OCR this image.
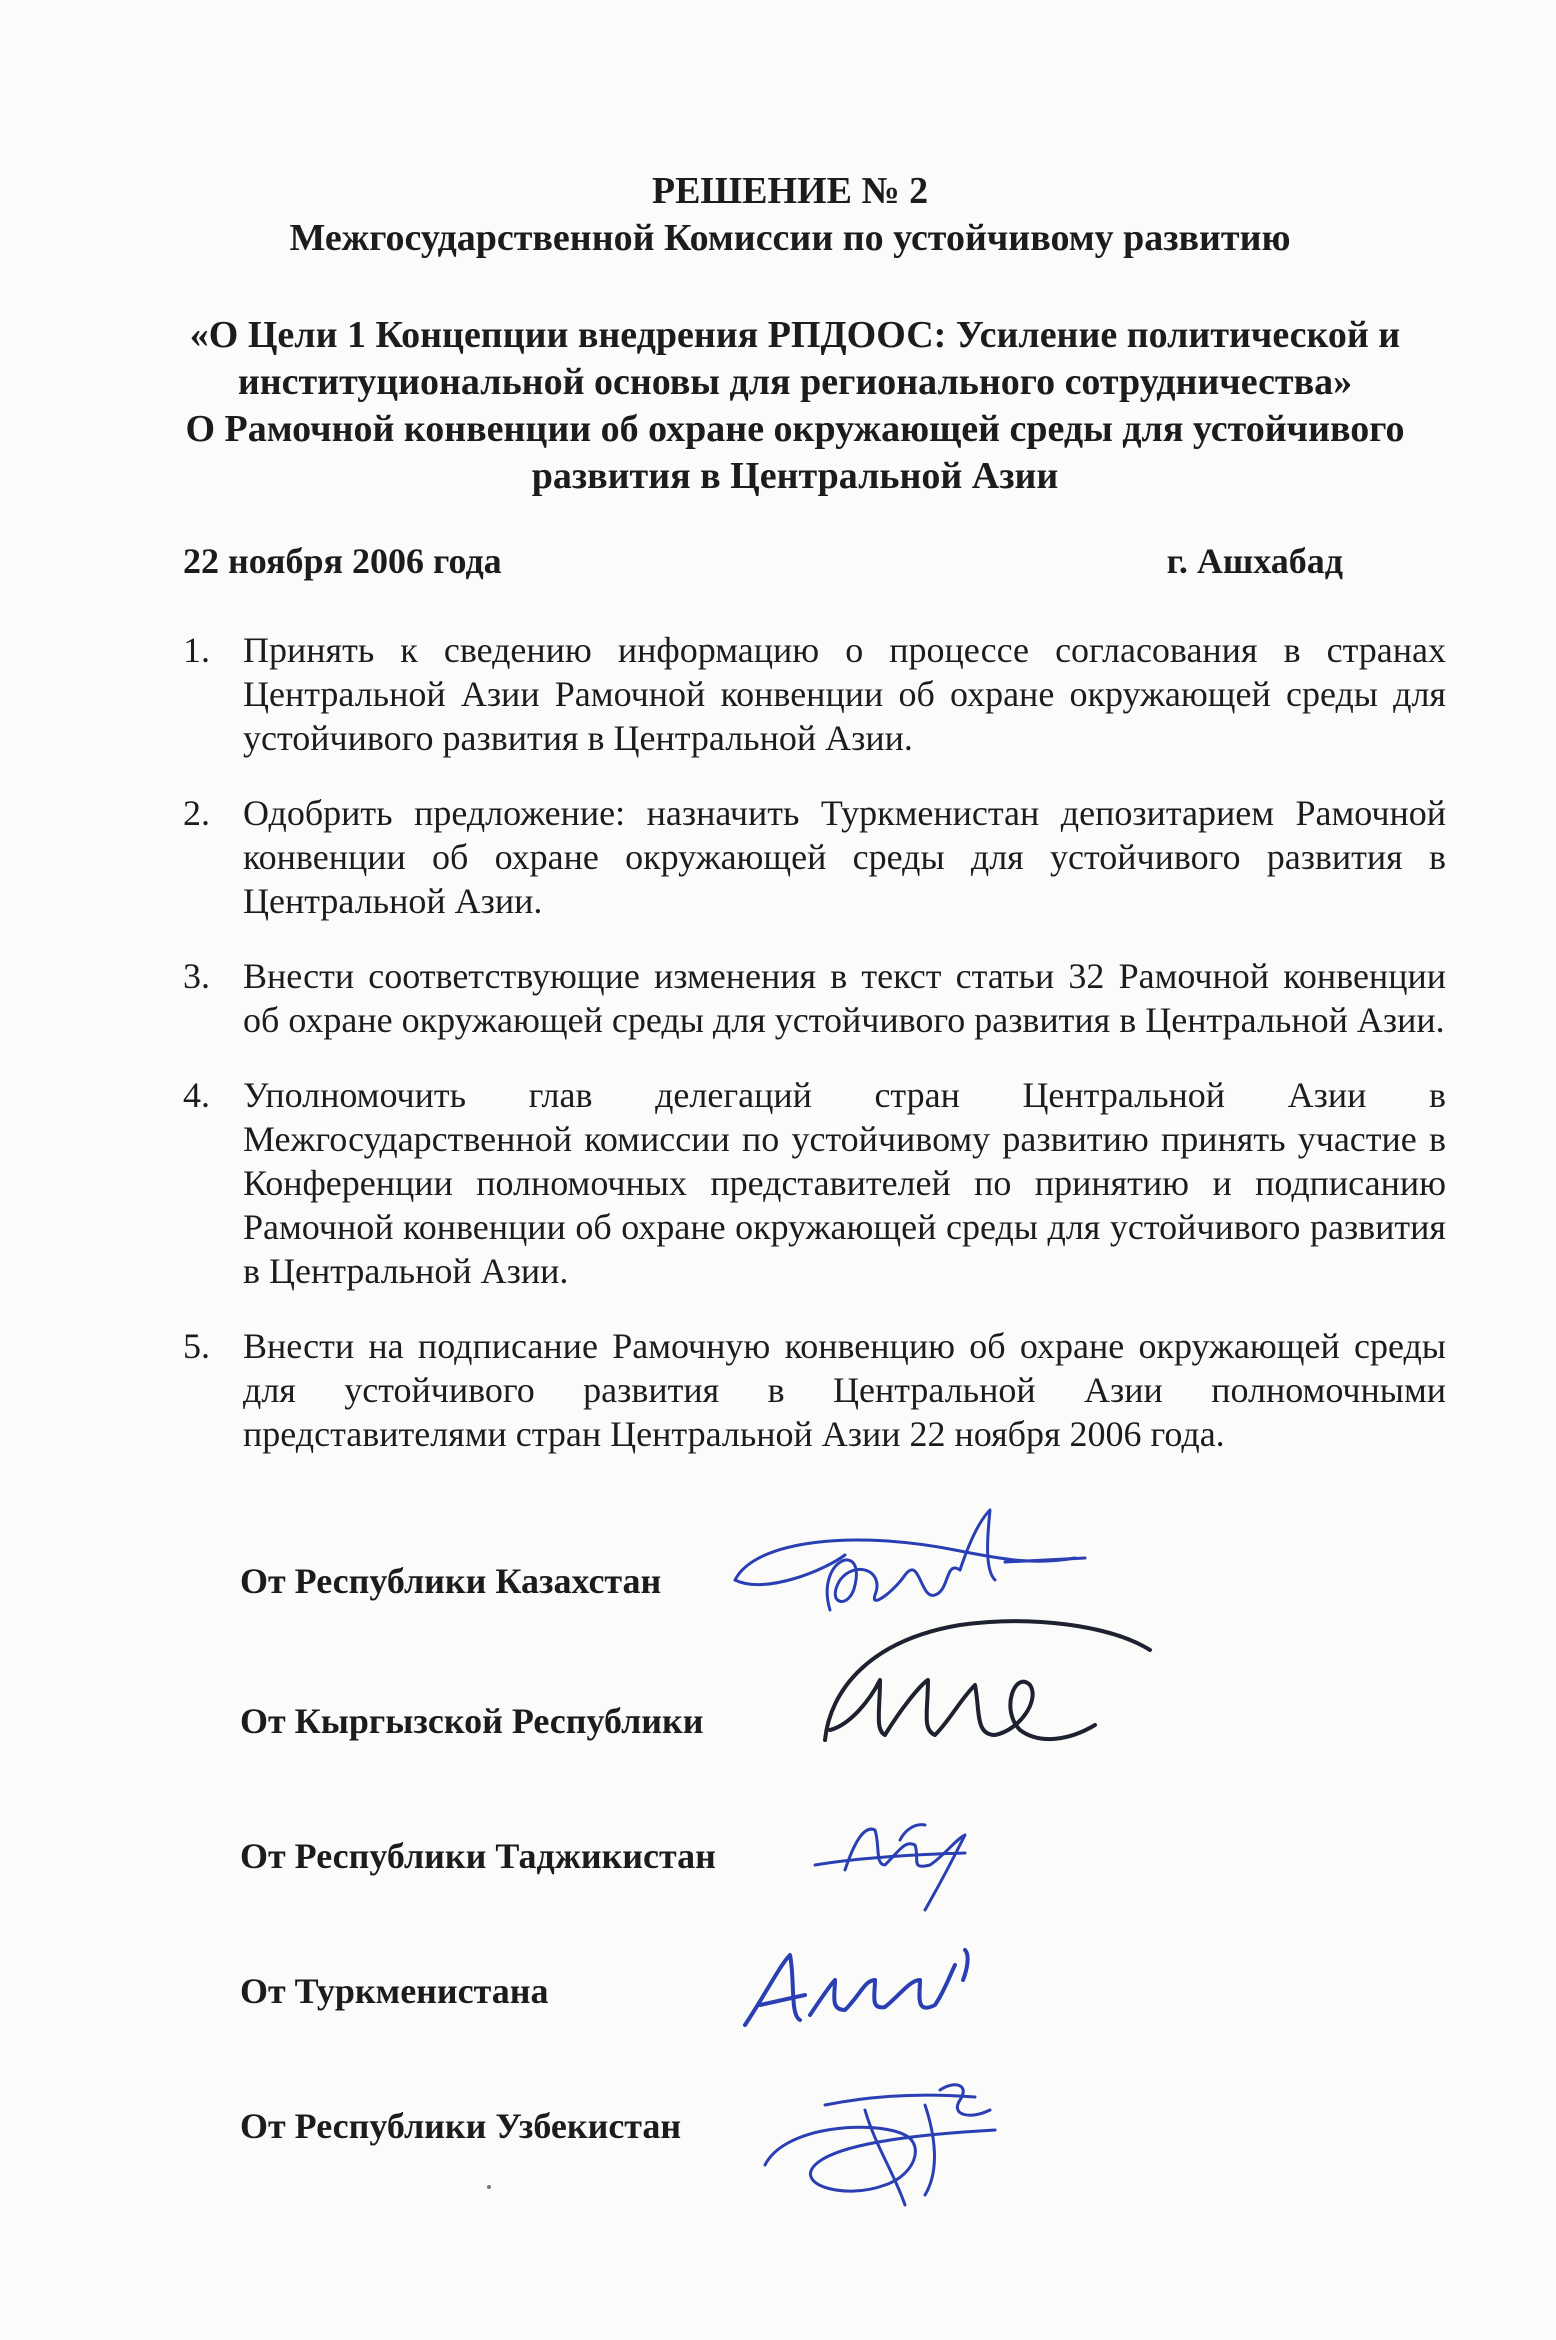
РЕШЕНИЕ № 2
Межгосударственной Комиссии по устойчивому развитию
«О Цели 1 Концепции внедрения РПДООС: Усиление политической и
институциональной основы для регионального сотрудничества»
О Рамочной конвенции об охране окружающей среды для устойчивого
развития в Центральной Азии
22 ноября 2006 года	г. Ашхабад
1. Принять к сведению информацию о процессе согласования в странах Центральной Азии Рамочной конвенции об охране окружающей среды для устойчивого развития в Центральной Азии.
2. Одобрить предложение: назначить Туркменистан депозитарием Рамочной конвенции об охране окружающей среды для устойчивого развития в Центральной Азии.
3. Внести соответствующие изменения в текст статьи 32 Рамочной конвенции об охране окружающей среды для устойчивого развития в Центральной Азии.
4. Уполномочить глав делегаций стран Центральной Азии в Межгосударственной комиссии по устойчивому развитию принять участие в Конференции полномочных представителей по принятию и подписанию Рамочной конвенции об охране окружающей среды для устойчивого развития в Центральной Азии.
5. Внести на подписание Рамочную конвенцию об охране окружающей среды для устойчивого развития в Центральной Азии полномочными представителями стран Центральной Азии 22 ноября 2006 года.
От Республики Казахстан
От Кыргызской Республики
От Республики Таджикистан
От Туркменистана
От Республики Узбекистан
